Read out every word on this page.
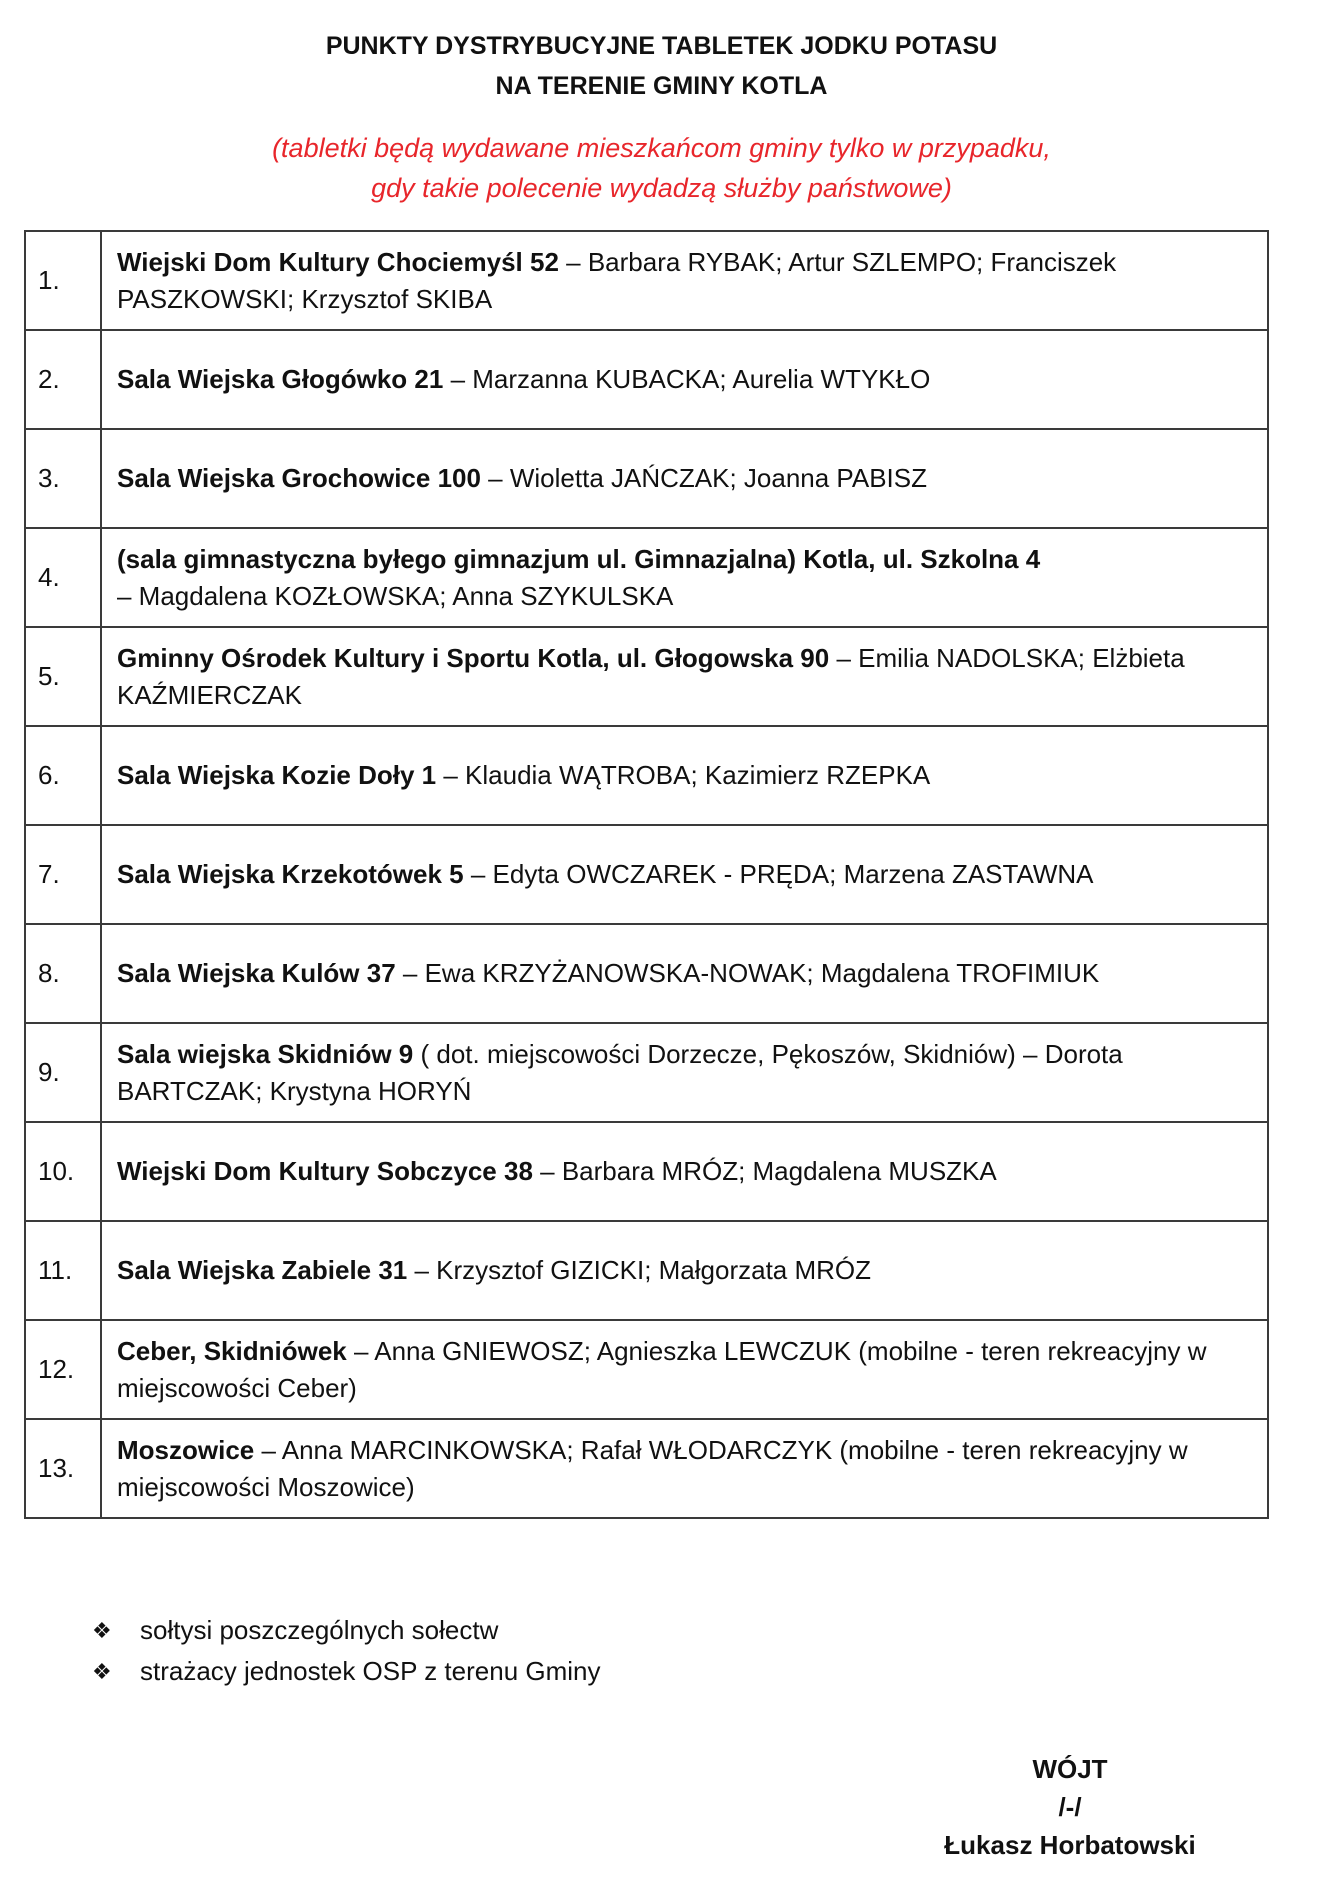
PUNKTY DYSTRYBUCYJNE TABLETEK JODKU POTASU
NA TERENIE GMINY KOTLA
(tabletki będą wydawane mieszkańcom gminy tylko w przypadku,
gdy takie polecenie wydadzą służby państwowe)
1.	Wiejski Dom Kultury Chociemyśl 52 – Barbara RYBAK; Artur SZLEMPO; Franciszek PASZKOWSKI; Krzysztof SKIBA
2.	Sala Wiejska Głogówko 21 – Marzanna KUBACKA; Aurelia WTYKŁO
3.	Sala Wiejska Grochowice 100 – Wioletta JAŃCZAK; Joanna PABISZ
4.	(sala gimnastyczna byłego gimnazjum ul. Gimnazjalna) Kotla, ul. Szkolna 4
– Magdalena KOZŁOWSKA; Anna SZYKULSKA
5.	Gminny Ośrodek Kultury i Sportu Kotla, ul. Głogowska 90 – Emilia NADOLSKA; Elżbieta KAŹMIERCZAK
6.	Sala Wiejska Kozie Doły 1 – Klaudia WĄTROBA; Kazimierz RZEPKA
7.	Sala Wiejska Krzekotówek 5 – Edyta OWCZAREK - PRĘDA; Marzena ZASTAWNA
8.	Sala Wiejska Kulów 37 – Ewa KRZYŻANOWSKA-NOWAK; Magdalena TROFIMIUK
9.	Sala wiejska Skidniów 9 ( dot. miejscowości Dorzecze, Pękoszów, Skidniów) – Dorota BARTCZAK; Krystyna HORYŃ
10.	Wiejski Dom Kultury Sobczyce 38 – Barbara MRÓZ; Magdalena MUSZKA
11.	Sala Wiejska Zabiele 31 – Krzysztof GIZICKI; Małgorzata MRÓZ
12.	Ceber, Skidniówek – Anna GNIEWOSZ; Agnieszka LEWCZUK (mobilne - teren rekreacyjny w miejscowości Ceber)
13.	Moszowice – Anna MARCINKOWSKA; Rafał WŁODARCZYK (mobilne - teren rekreacyjny w miejscowości Moszowice)
❖	sołtysi poszczególnych sołectw
❖	strażacy jednostek OSP z terenu Gminy
WÓJT
/-/
Łukasz Horbatowski
